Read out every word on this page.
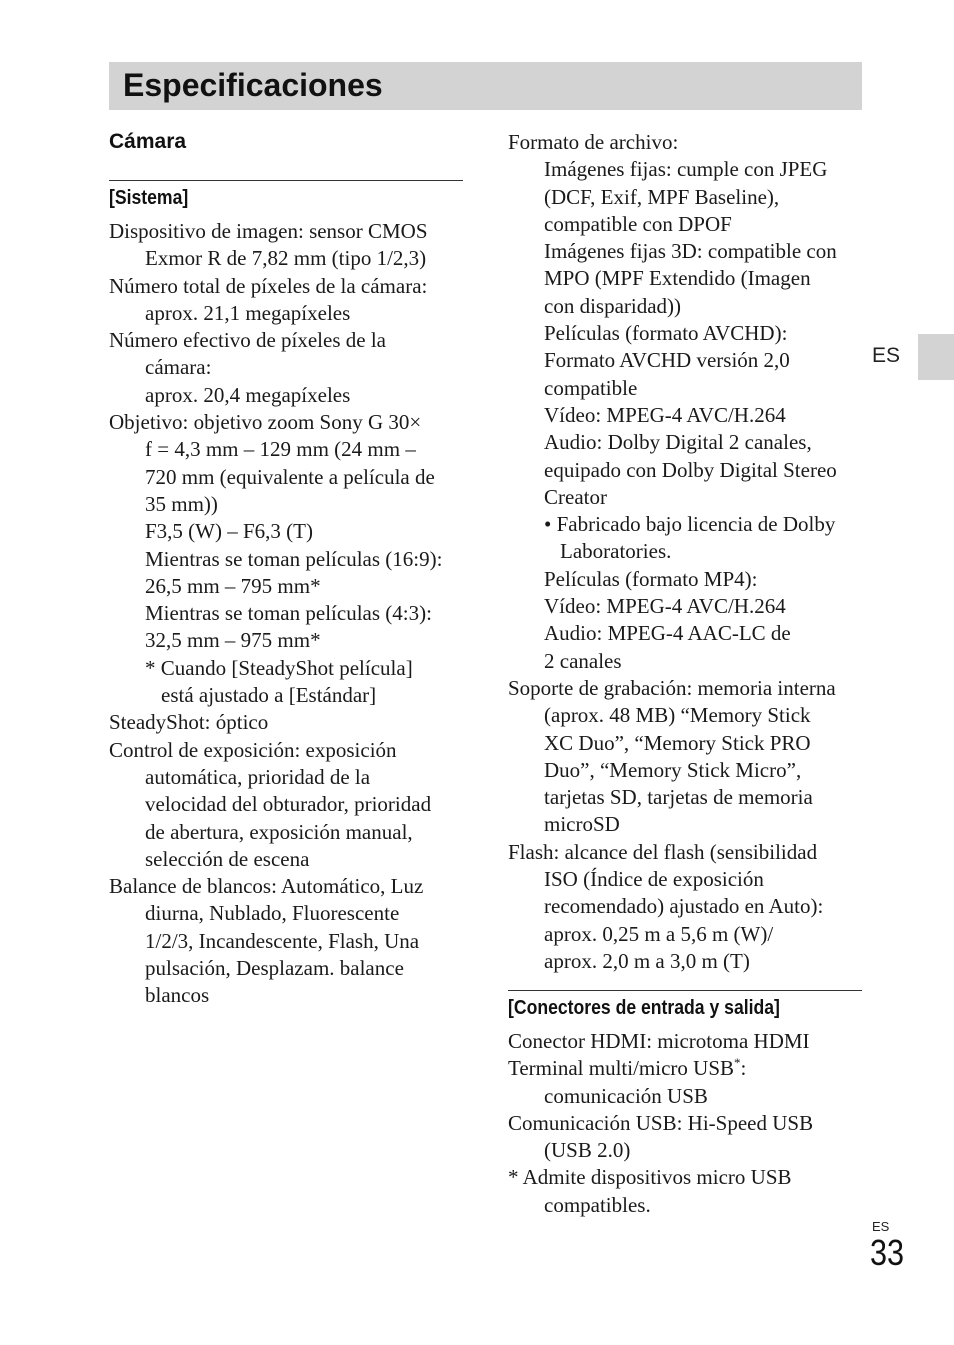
Especificaciones
Cámara
[Sistema]
Dispositivo de imagen: sensor CMOS
Exmor R de 7,82 mm (tipo 1/2,3)
Número total de píxeles de la cámara:
aprox. 21,1 megapíxeles
Número efectivo de píxeles de la
cámara:
aprox. 20,4 megapíxeles
Objetivo: objetivo zoom Sony G 30×
f = 4,3 mm – 129 mm (24 mm –
720 mm (equivalente a película de
35 mm))
F3,5 (W) – F6,3 (T)
Mientras se toman películas (16:9):
26,5 mm – 795 mm*
Mientras se toman películas (4:3):
32,5 mm – 975 mm*
* Cuando [SteadyShot película]
está ajustado a [Estándar]
SteadyShot: óptico
Control de exposición: exposición
automática, prioridad de la
velocidad del obturador, prioridad
de abertura, exposición manual,
selección de escena
Balance de blancos: Automático, Luz
diurna, Nublado, Fluorescente
1/2/3, Incandescente, Flash, Una
pulsación, Desplazam. balance
blancos
Formato de archivo:
Imágenes fijas: cumple con JPEG
(DCF, Exif, MPF Baseline),
compatible con DPOF
Imágenes fijas 3D: compatible con
MPO (MPF Extendido (Imagen
con disparidad))
Películas (formato AVCHD):
Formato AVCHD versión 2,0
compatible
Vídeo: MPEG-4 AVC/H.264
Audio: Dolby Digital 2 canales,
equipado con Dolby Digital Stereo
Creator
• Fabricado bajo licencia de Dolby
Laboratories.
Películas (formato MP4):
Vídeo: MPEG-4 AVC/H.264
Audio: MPEG-4 AAC-LC de
2 canales
Soporte de grabación: memoria interna
(aprox. 48 MB) “Memory Stick
XC Duo”, “Memory Stick PRO
Duo”, “Memory Stick Micro”,
tarjetas SD, tarjetas de memoria
microSD
Flash: alcance del flash (sensibilidad
ISO (Índice de exposición
recomendado) ajustado en Auto):
aprox. 0,25 m a 5,6 m (W)/
aprox. 2,0 m a 3,0 m (T)
[Conectores de entrada y salida]
Conector HDMI: microtoma HDMI
Terminal multi/micro USB*:
comunicación USB
Comunicación USB: Hi-Speed USB
(USB 2.0)
* Admite dispositivos micro USB
compatibles.
ES
ES
33
